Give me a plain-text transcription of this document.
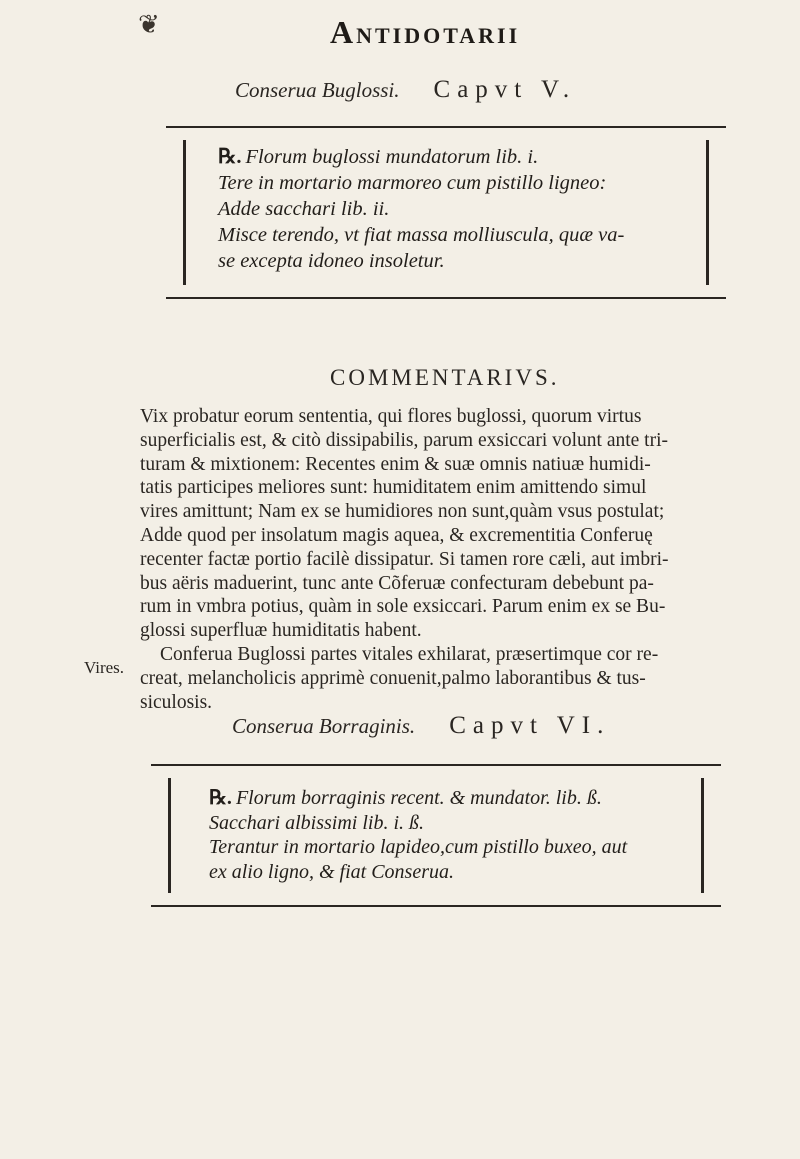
❦	Antidotarii
Conserua Buglossi. Capvt V.
℞. Florum buglossi mundatorum lib. i.
Tere in mortario marmoreo cum pistillo ligneo:
Adde sacchari lib. ii.
Misce terendo, vt fiat massa molliuscula, quæ va-
se excepta idoneo insoletur.
COMMENTARIVS.
Vix probatur eorum sententia, qui flores buglossi, quorum virtus
superficialis est, & citò dissipabilis, parum exsiccari volunt ante tri-
turam & mixtionem: Recentes enim & suæ omnis natiuæ humidi-
tatis participes meliores sunt: humiditatem enim amittendo simul
vires amittunt; Nam ex se humidiores non sunt,quàm vsus postulat;
Adde quod per insolatum magis aquea, & excrementitia Conferuę
recenter factæ portio facilè dissipatur. Si tamen rore cæli, aut imbri-
bus aëris maduerint, tunc ante Cõferuæ confecturam debebunt pa-
rum in vmbra potius, quàm in sole exsiccari. Parum enim ex se Bu-
glossi superfluæ humiditatis habent.
Vires.
Conferua Buglossi partes vitales exhilarat, præsertimque cor re-
creat, melancholicis apprimè conuenit,palmo laborantibus & tus-
siculosis.
Conserua Borraginis. Capvt VI.
℞. Florum borraginis recent. & mundator. lib. ß.
Sacchari albissimi lib. i. ß.
Terantur in mortario lapideo,cum pistillo buxeo, aut
ex alio ligno, & fiat Conserua.
